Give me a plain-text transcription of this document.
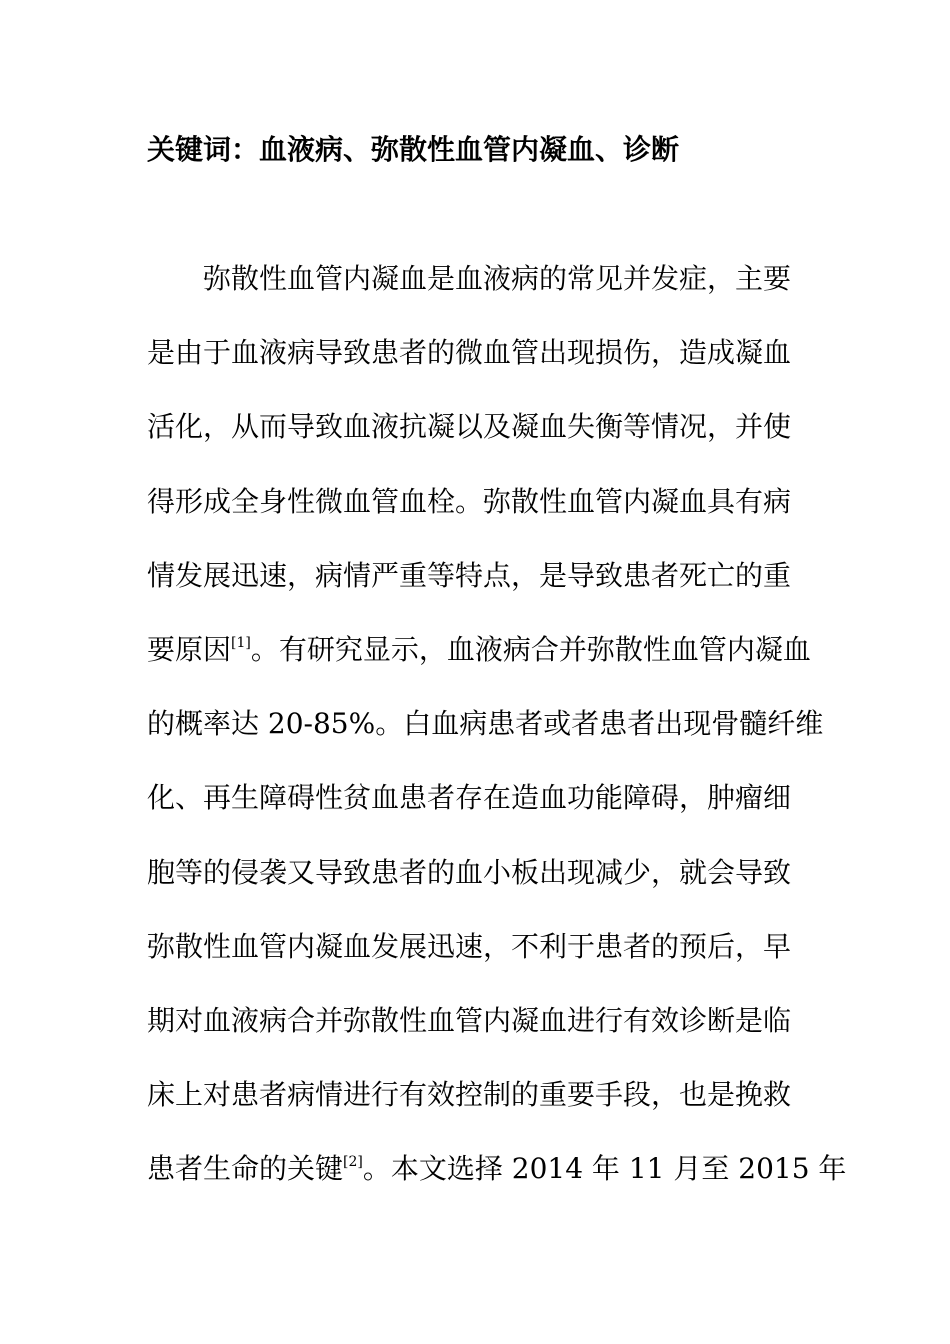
关键词：血液病、弥散性血管内凝血、诊断
弥散性血管内凝血是血液病的常见并发症，主要
是由于血液病导致患者的微血管出现损伤，造成凝血
活化，从而导致血液抗凝以及凝血失衡等情况，并使
得形成全身性微血管血栓。弥散性血管内凝血具有病
情发展迅速，病情严重等特点，是导致患者死亡的重
要原因[1]。有研究显示，血液病合并弥散性血管内凝血
的概率达 20-85%。白血病患者或者患者出现骨髓纤维
化、再生障碍性贫血患者存在造血功能障碍，肿瘤细
胞等的侵袭又导致患者的血小板出现减少，就会导致
弥散性血管内凝血发展迅速，不利于患者的预后，早
期对血液病合并弥散性血管内凝血进行有效诊断是临
床上对患者病情进行有效控制的重要手段，也是挽救
患者生命的关键[2]。本文选择 2014 年 11 月至 2015 年
